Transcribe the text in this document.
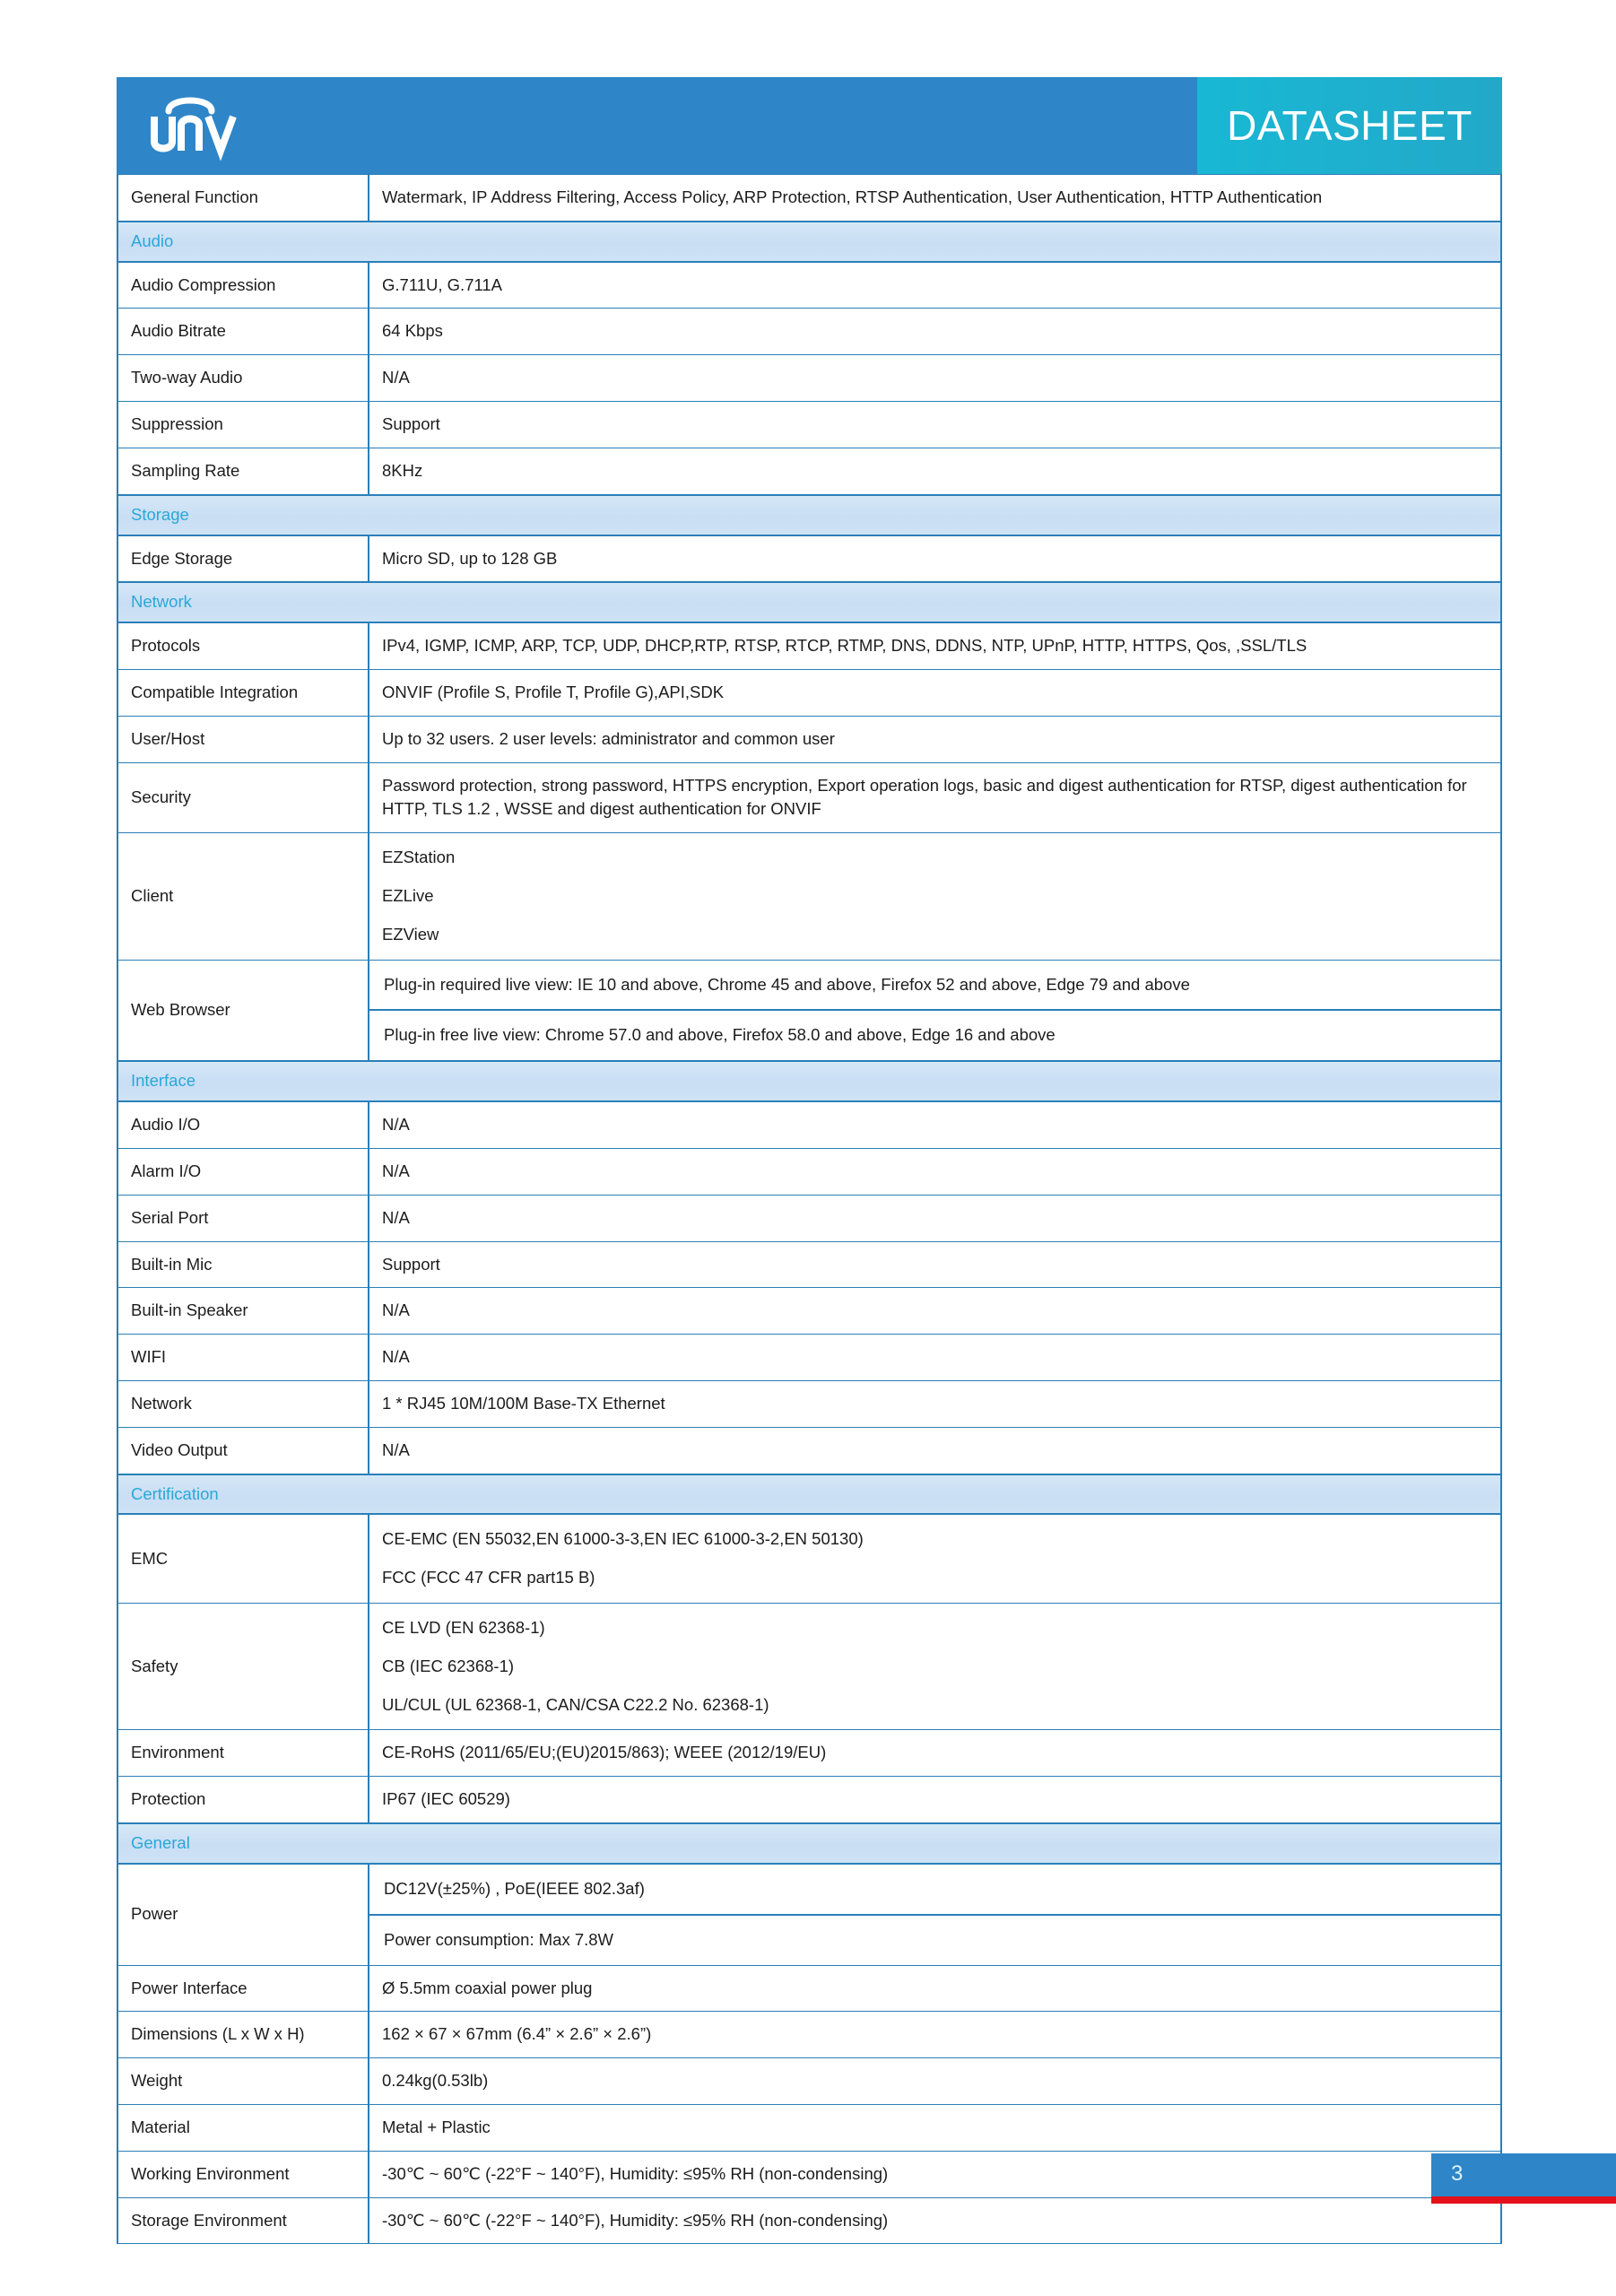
DATASHEET
General Function	Watermark, IP Address Filtering, Access Policy, ARP Protection, RTSP Authentication, User Authentication, HTTP Authentication
Audio	
Audio Compression	G.711U, G.711A
Audio Bitrate	64 Kbps
Two-way Audio	N/A
Suppression	Support
Sampling Rate	8KHz
Storage	
Edge Storage	Micro SD, up to 128 GB
Network	
Protocols	IPv4, IGMP, ICMP, ARP, TCP, UDP, DHCP,RTP, RTSP, RTCP, RTMP, DNS, DDNS, NTP, UPnP, HTTP, HTTPS, Qos, ,SSL/TLS
Compatible Integration	ONVIF (Profile S, Profile T, Profile G),API,SDK
User/Host	Up to 32 users. 2 user levels: administrator and common user
Security	Password protection, strong password, HTTPS encryption, Export operation logs, basic and digest authentication for RTSP, digest authentication for HTTP, TLS 1.2 , WSSE and digest authentication for ONVIF
Client	EZStation
EZLive
EZView

Web Browser	Plug-in required live view: IE 10 and above, Chrome 45 and above, Firefox 52 and above, Edge 79 and above
Plug-in free live view: Chrome 57.0 and above, Firefox 58.0 and above, Edge 16 and above

Interface	
Audio I/O	N/A
Alarm I/O	N/A
Serial Port	N/A
Built-in Mic	Support
Built-in Speaker	N/A
WIFI	N/A
Network	1 * RJ45 10M/100M Base-TX Ethernet
Video Output	N/A
Certification	
EMC	CE-EMC (EN 55032,EN 61000-3-3,EN IEC 61000-3-2,EN 50130)
FCC (FCC 47 CFR part15 B)

Safety	CE LVD (EN 62368-1)
CB (IEC 62368-1)
UL/CUL (UL 62368-1, CAN/CSA C22.2 No. 62368-1)

Environment	CE-RoHS (2011/65/EU;(EU)2015/863); WEEE (2012/19/EU)
Protection	IP67 (IEC 60529)
General	
Power	DC12V(±25%) , PoE(IEEE 802.3af)
Power consumption: Max 7.8W

Power Interface	Ø 5.5mm coaxial power plug
Dimensions (L x W x H)	162 × 67 × 67mm (6.4” × 2.6” × 2.6”)
Weight	0.24kg(0.53lb)
Material	Metal + Plastic
Working Environment	-30℃ ~ 60℃ (-22°F ~ 140°F), Humidity: ≤95% RH (non-condensing)
Storage Environment	-30℃ ~ 60℃ (-22°F ~ 140°F), Humidity: ≤95% RH (non-condensing)
3
